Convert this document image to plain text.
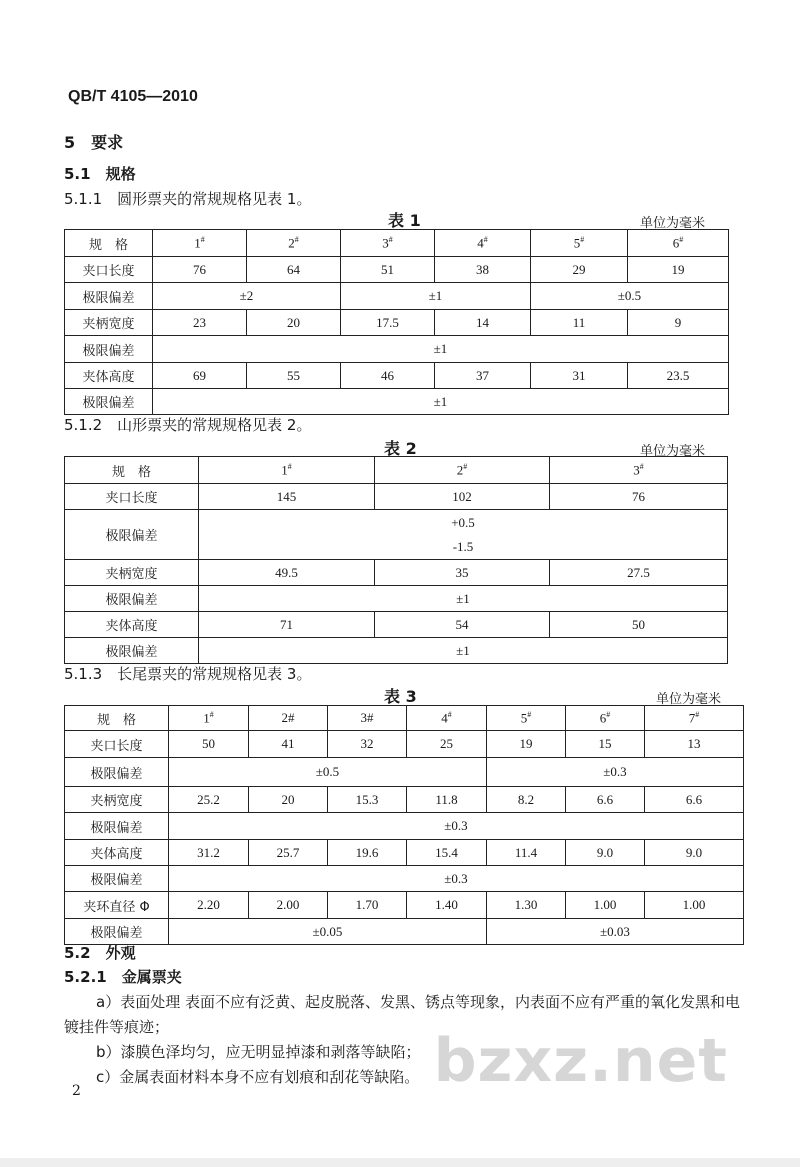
QB/T 4105—2010
5　要求
5.1　规格
5.1.1　圆形票夹的常规规格见表 1。
表 1	单位为毫米
规　格	1#	2#	3#	4#	5#	6#
夹口长度	76	64	51	38	29	19
极限偏差	±2		±1		±0.5	
夹柄宽度	23	20	17.5	14	11	9
极限偏差	±1					
夹体高度	69	55	46	37	31	23.5
极限偏差	±1					
5.1.2　山形票夹的常规规格见表 2。
表 2	单位为毫米
规　格	1#	2#	3#
夹口长度	145	102	76
极限偏差	+0.5
-1.5		

夹柄宽度	49.5	35	27.5
极限偏差	±1		
夹体高度	71	54	50
极限偏差	±1		
5.1.3　长尾票夹的常规规格见表 3。
表 3	单位为毫米
规　格	1#	2#	3#	4#	5#	6#	7#
夹口长度	50	41	32	25	19	15	13
极限偏差	±0.5				±0.3		
夹柄宽度	25.2	20	15.3	11.8	8.2	6.6	6.6
极限偏差	±0.3						
夹体高度	31.2	25.7	19.6	15.4	11.4	9.0	9.0
极限偏差	±0.3						
夹环直径 Φ	2.20	2.00	1.70	1.40	1.30	1.00	1.00
极限偏差	±0.05				±0.03		
5.2　外观
5.2.1　金属票夹
a）表面处理 表面不应有泛黄、起皮脱落、发黑、锈点等现象，内表面不应有严重的氧化发黑和电
镀挂件等痕迹；
b）漆膜色泽均匀，应无明显掉漆和剥落等缺陷；
c）金属表面材料本身不应有划痕和刮花等缺陷。 bzxz.net
2
